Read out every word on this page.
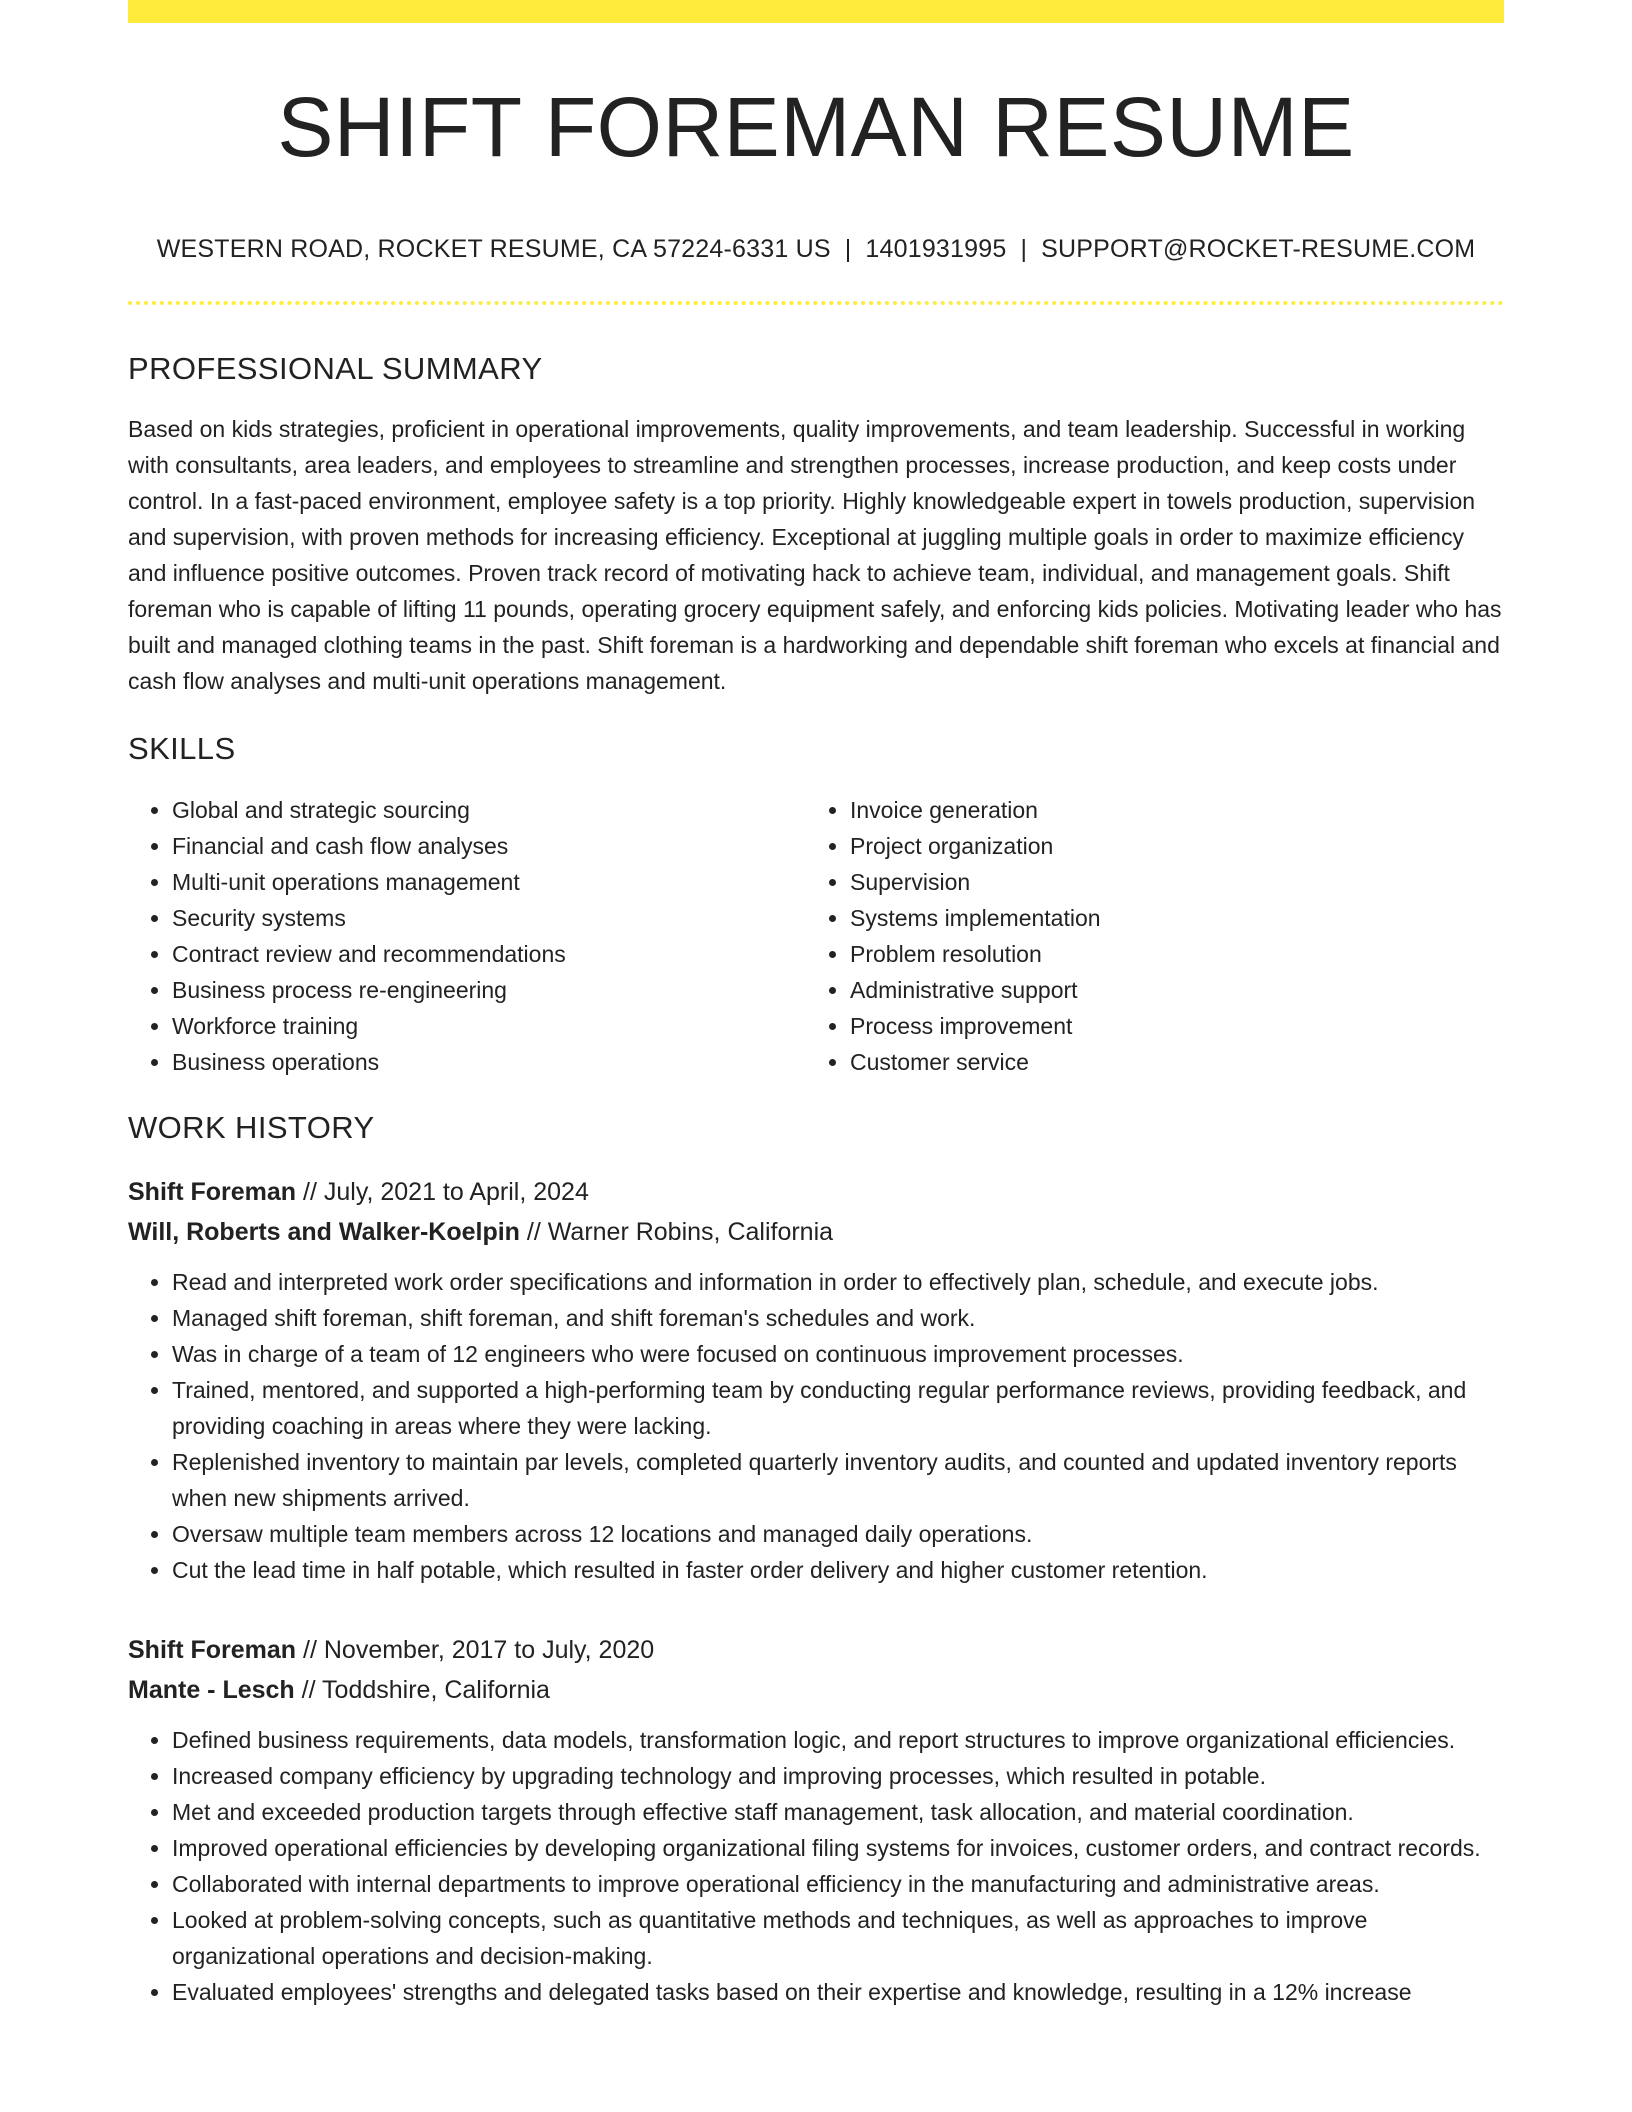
SHIFT FOREMAN RESUME
WESTERN ROAD, ROCKET RESUME, CA 57224-6331 US | 1401931995 | SUPPORT@ROCKET-RESUME.COM
PROFESSIONAL SUMMARY

Based on kids strategies, proficient in operational improvements, quality improvements, and team leadership. Successful in working with consultants, area leaders, and employees to streamline and strengthen processes, increase production, and keep costs under control. In a fast-paced environment, employee safety is a top priority. Highly knowledgeable expert in towels production, supervision and supervision, with proven methods for increasing efficiency. Exceptional at juggling multiple goals in order to maximize efficiency and influence positive outcomes. Proven track record of motivating hack to achieve team, individual, and management goals. Shift foreman who is capable of lifting 11 pounds, operating grocery equipment safely, and enforcing kids policies. Motivating leader who has built and managed clothing teams in the past. Shift foreman is a hardworking and dependable shift foreman who excels at financial and cash flow analyses and multi-unit operations management.

SKILLS
• Global and strategic sourcing
• Financial and cash flow analyses
• Multi-unit operations management
• Security systems
• Contract review and recommendations
• Business process re-engineering
• Workforce training
• Business operations
• Invoice generation
• Project organization
• Supervision
• Systems implementation
• Problem resolution
• Administrative support
• Process improvement
• Customer service
WORK HISTORY
Shift Foreman // July, 2021 to April, 2024
Will, Roberts and Walker-Koelpin // Warner Robins, California
• Read and interpreted work order specifications and information in order to effectively plan, schedule, and execute jobs.
• Managed shift foreman, shift foreman, and shift foreman's schedules and work.
• Was in charge of a team of 12 engineers who were focused on continuous improvement processes.
• Trained, mentored, and supported a high-performing team by conducting regular performance reviews, providing feedback, and providing coaching in areas where they were lacking.
• Replenished inventory to maintain par levels, completed quarterly inventory audits, and counted and updated inventory reports when new shipments arrived.
• Oversaw multiple team members across 12 locations and managed daily operations.
• Cut the lead time in half potable, which resulted in faster order delivery and higher customer retention.
Shift Foreman // November, 2017 to July, 2020
Mante - Lesch // Toddshire, California
• Defined business requirements, data models, transformation logic, and report structures to improve organizational efficiencies.
• Increased company efficiency by upgrading technology and improving processes, which resulted in potable.
• Met and exceeded production targets through effective staff management, task allocation, and material coordination.
• Improved operational efficiencies by developing organizational filing systems for invoices, customer orders, and contract records.
• Collaborated with internal departments to improve operational efficiency in the manufacturing and administrative areas.
• Looked at problem-solving concepts, such as quantitative methods and techniques, as well as approaches to improve organizational operations and decision-making.
• Evaluated employees' strengths and delegated tasks based on their expertise and knowledge, resulting in a 12% increase
